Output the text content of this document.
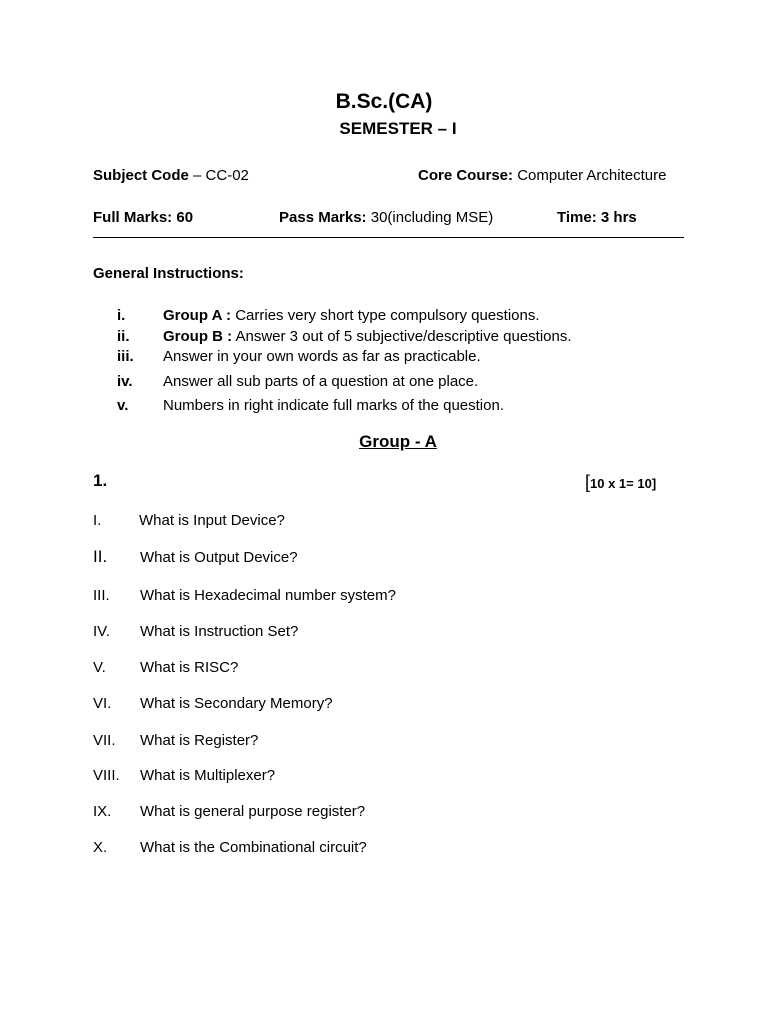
B.Sc.(CA)
SEMESTER – I
Subject Code – CC-02	Core Course: Computer Architecture
Full Marks: 60	Pass Marks: 30(including MSE)	Time: 3 hrs
General Instructions:
i.	Group A : Carries very short type compulsory questions.
ii. Group B : Answer 3 out of 5 subjective/descriptive questions.
iii. Answer in your own words as far as practicable.
iv. Answer all sub parts of a question at one place.
v. Numbers in right indicate full marks of the question.
Group - A
1.	[10 x 1= 10]
I.	What is Input Device?
II. What is Output Device?
III. What is Hexadecimal number system?
IV. What is Instruction Set?
V. What is RISC?
VI. What is Secondary Memory?
VII. What is Register?
VIII. What is Multiplexer?
IX. What is general purpose register?
X. What is the Combinational circuit?
